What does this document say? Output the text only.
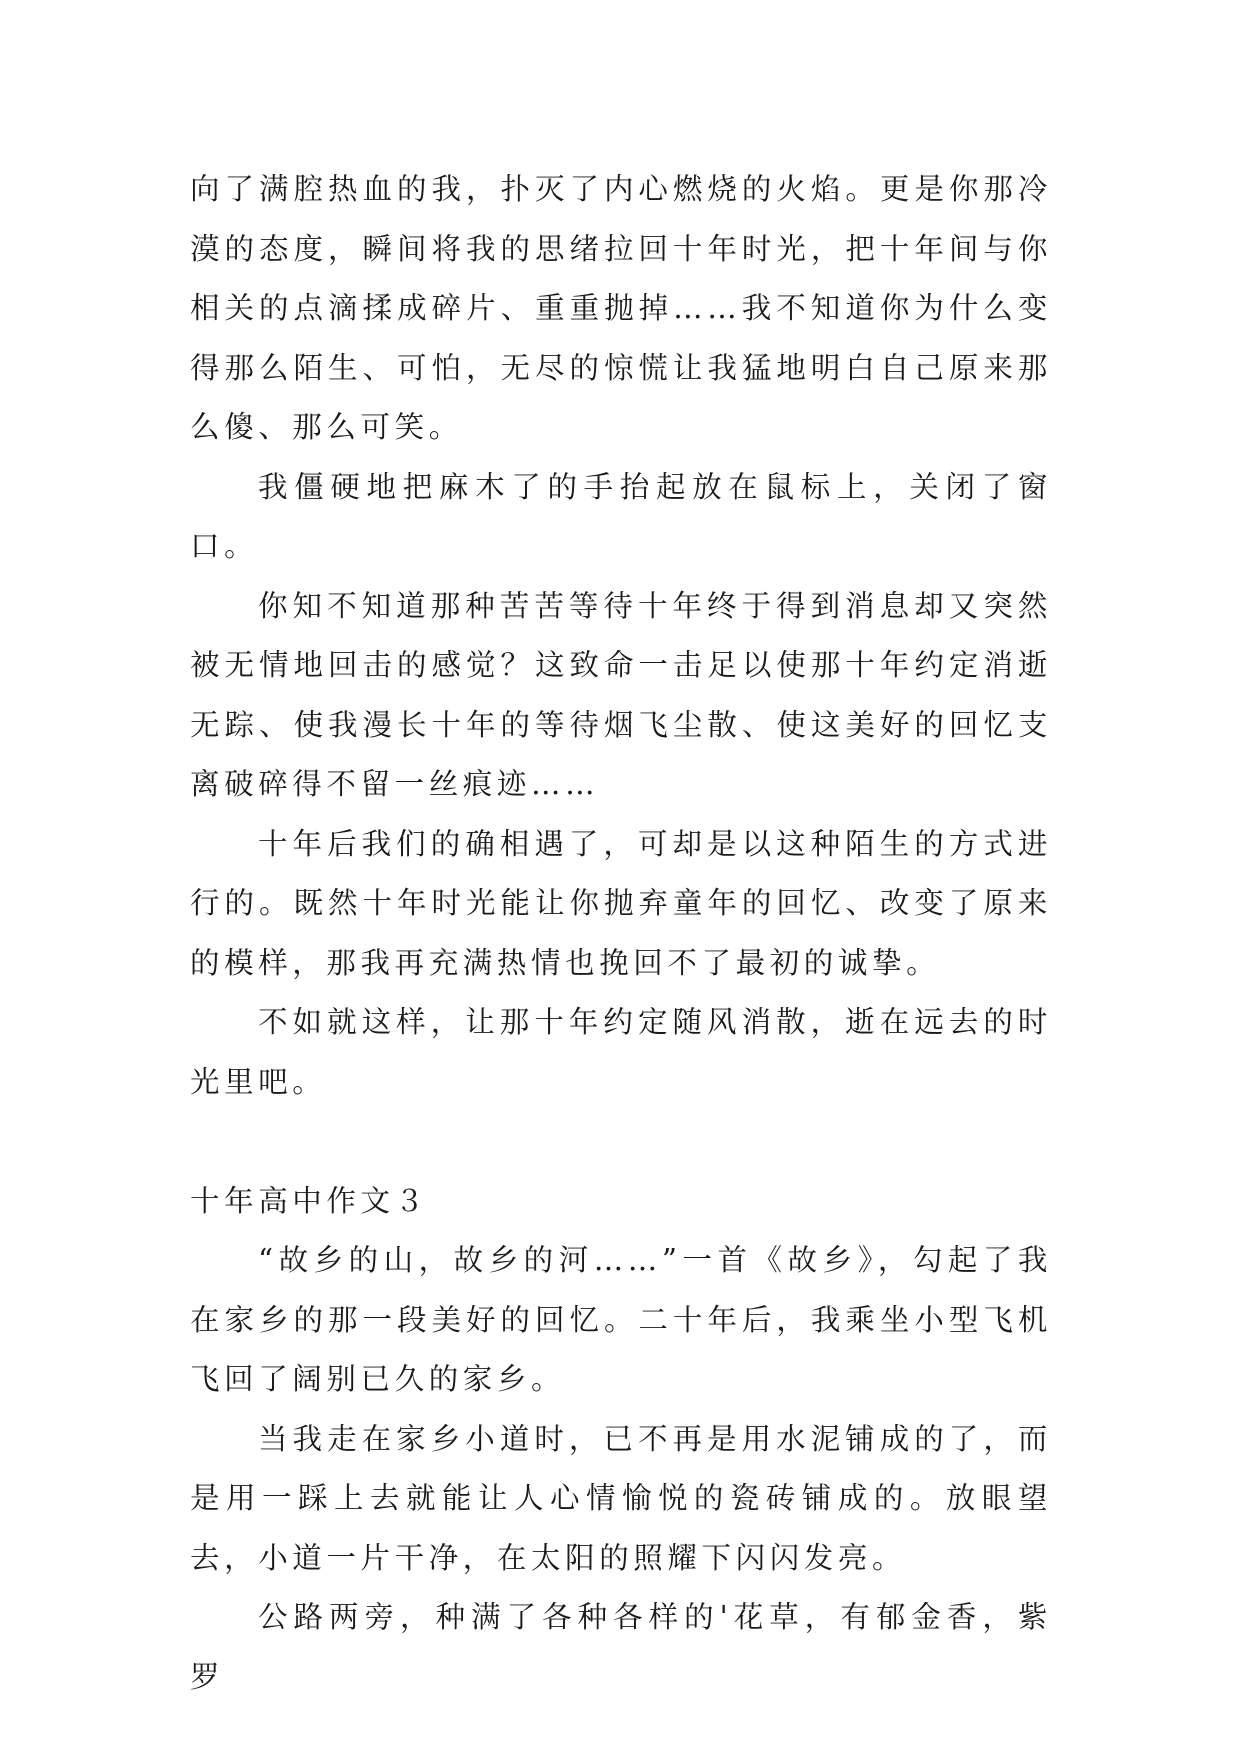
向了满腔热血的我，扑灭了内心燃烧的火焰。更是你那冷漠的态度，瞬间将我的思绪拉回十年时光，把十年间与你相关的点滴揉成碎片、重重抛掉……我不知道你为什么变得那么陌生、可怕，无尽的惊慌让我猛地明白自己原来那么傻、那么可笑。

我僵硬地把麻木了的手抬起放在鼠标上，关闭了窗口。

你知不知道那种苦苦等待十年终于得到消息却又突然被无情地回击的感觉？这致命一击足以使那十年约定消逝无踪、使我漫长十年的等待烟飞尘散、使这美好的回忆支离破碎得不留一丝痕迹……

十年后我们的确相遇了，可却是以这种陌生的方式进行的。既然十年时光能让你抛弃童年的回忆、改变了原来的模样，那我再充满热情也挽回不了最初的诚挚。

不如就这样，让那十年约定随风消散，逝在远去的时光里吧。

十年高中作文３

“故乡的山，故乡的河……”一首《故乡》，勾起了我在家乡的那一段美好的回忆。二十年后，我乘坐小型飞机飞回了阔别已久的家乡。

当我走在家乡小道时，已不再是用水泥铺成的了，而是用一踩上去就能让人心情愉悦的瓷砖铺成的。放眼望去，小道一片干净，在太阳的照耀下闪闪发亮。

公路两旁，种满了各种各样的'花草，有郁金香，紫罗
